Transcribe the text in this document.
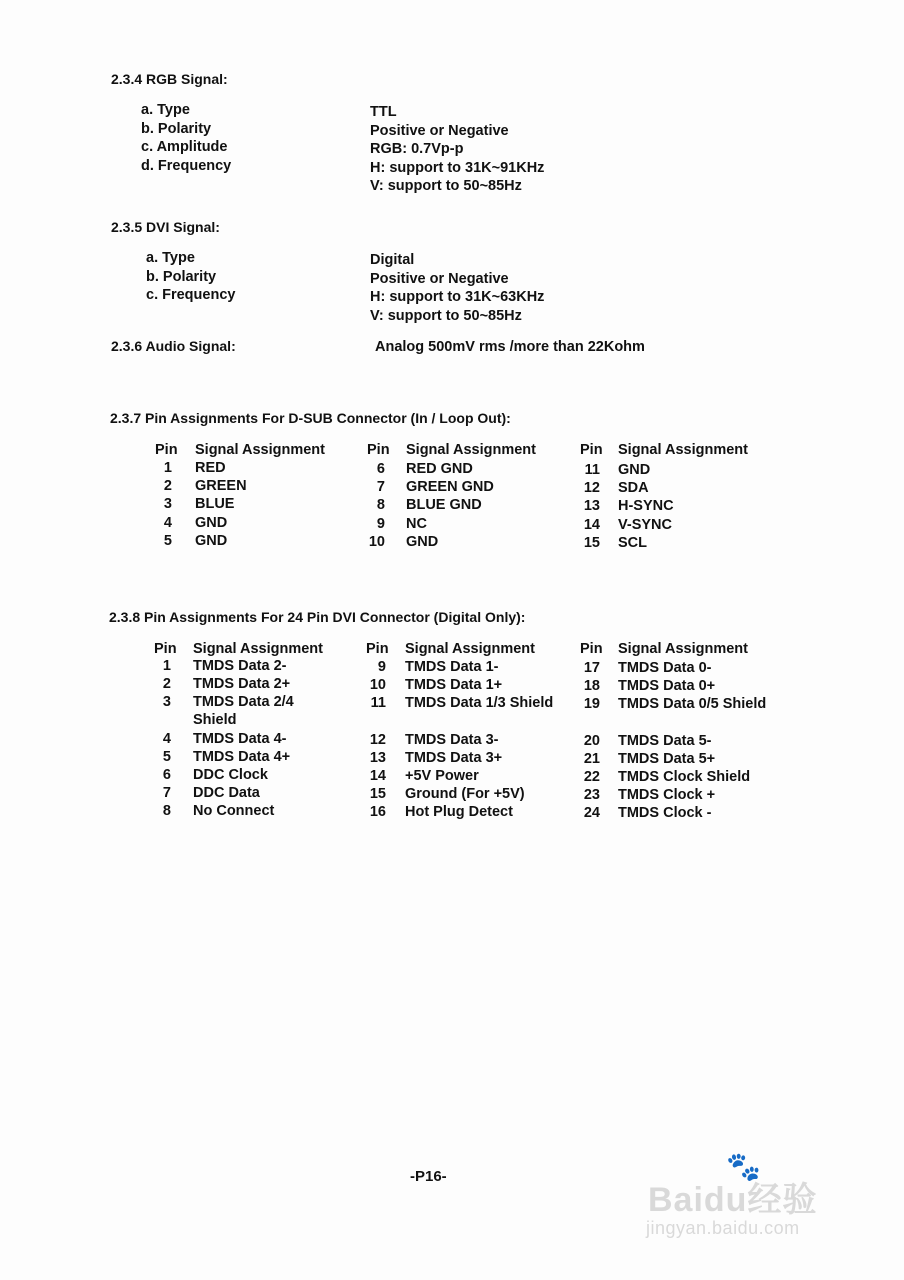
2.3.4 RGB Signal:
a. Type	TTL
b. Polarity	Positive or Negative
c. Amplitude	RGB: 0.7Vp-p
d. Frequency	H: support to 31K~91KHz
V: support to 50~85Hz
2.3.5 DVI Signal:
a. Type	Digital
b. Polarity	Positive or Negative
c. Frequency	H: support to 31K~63KHz
V: support to 50~85Hz
2.3.6 Audio Signal:	Analog 500mV rms /more than 22Kohm
2.3.7 Pin Assignments For D-SUB Connector (In / Loop Out):
Pin Signal Assignment
1 RED
2 GREEN
3 BLUE
4 GND
5 GND
Pin Signal Assignment
6 RED GND
7 GREEN GND
8 BLUE GND
9 NC
10 GND
Pin Signal Assignment
11 GND
12 SDA
13 H-SYNC
14 V-SYNC
15 SCL
2.3.8 Pin Assignments For 24 Pin DVI Connector (Digital Only):
Pin Signal Assignment
1 TMDS Data 2-
2 TMDS Data 2+
3 TMDS Data 2/4
Shield
4 TMDS Data 4-
5 TMDS Data 4+
6 DDC Clock
7 DDC Data
8 No Connect
Pin Signal Assignment
9 TMDS Data 1-
10 TMDS Data 1+
11 TMDS Data 1/3 Shield
12 TMDS Data 3-
13 TMDS Data 3+
14 +5V Power
15 Ground (For +5V)
16 Hot Plug Detect
Pin Signal Assignment
17 TMDS Data 0-
18 TMDS Data 0+
19 TMDS Data 0/5 Shield
20 TMDS Data 5-
21 TMDS Data 5+
22 TMDS Clock Shield
23 TMDS Clock +
24 TMDS Clock -
-P16-	🐾
Baidu经验
jingyan.baidu.com
